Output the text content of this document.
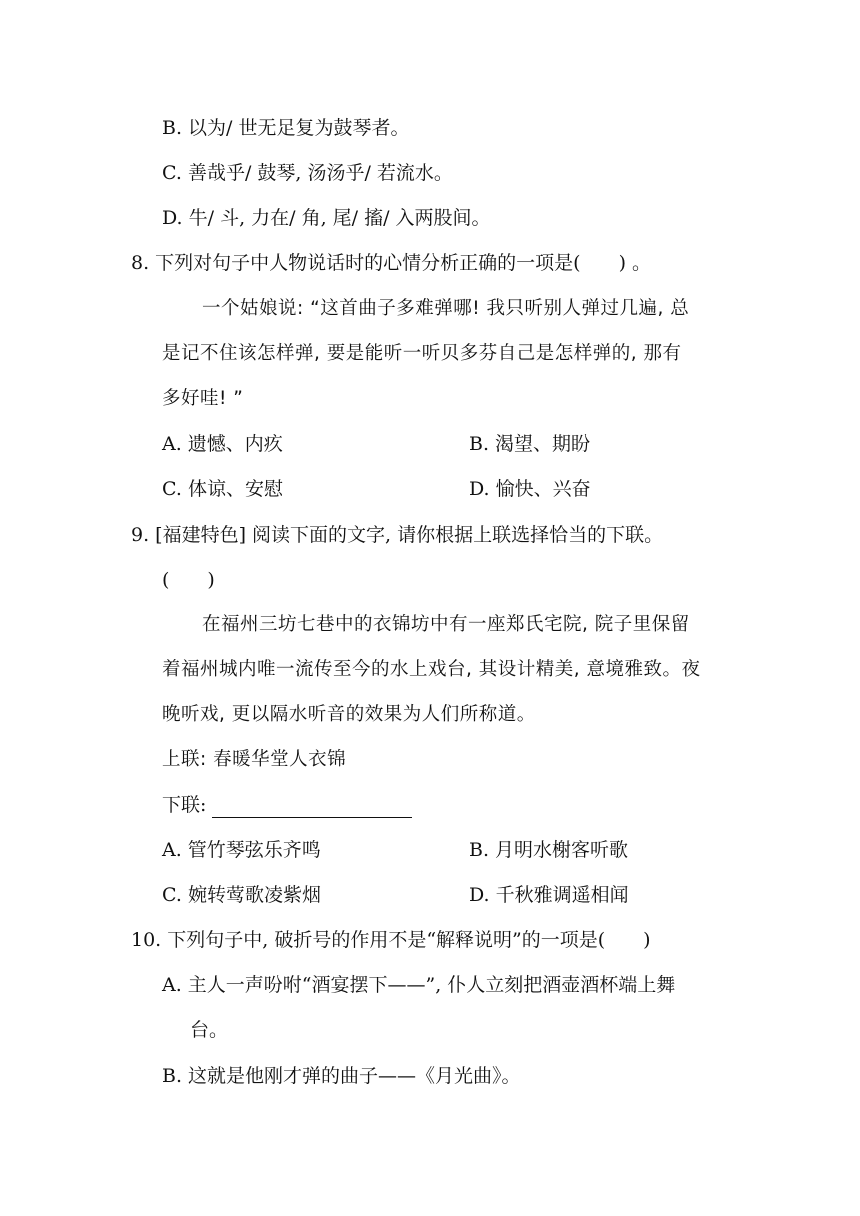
B. 以为/ 世无足复为鼓琴者。
C. 善哉乎/ 鼓琴, 汤汤乎/ 若流水。
D. 牛/ 斗, 力在/ 角, 尾/ 搐/ 入两股间。
8. 下列对句子中人物说话时的心情分析正确的一项是(　　) 。
一个姑娘说: “这首曲子多难弹哪! 我只听别人弹过几遍, 总
是记不住该怎样弹, 要是能听一听贝多芬自己是怎样弹的, 那有
多好哇! ”
A. 遗憾、内疚	B. 渴望、期盼
C. 体谅、安慰	D. 愉快、兴奋
9. [福建特色] 阅读下面的文字, 请你根据上联选择恰当的下联。
(　　)
在福州三坊七巷中的衣锦坊中有一座郑氏宅院, 院子里保留
着福州城内唯一流传至今的水上戏台, 其设计精美, 意境雅致。夜
晚听戏, 更以隔水听音的效果为人们所称道。
上联: 春暖华堂人衣锦
下联:
A. 管竹琴弦乐齐鸣	B. 月明水榭客听歌
C. 婉转莺歌凌紫烟	D. 千秋雅调遥相闻
10. 下列句子中, 破折号的作用不是“解释说明”的一项是(　　)
A. 主人一声吩咐“酒宴摆下——”, 仆人立刻把酒壶酒杯端上舞
台。
B. 这就是他刚才弹的曲子——《月光曲》。
